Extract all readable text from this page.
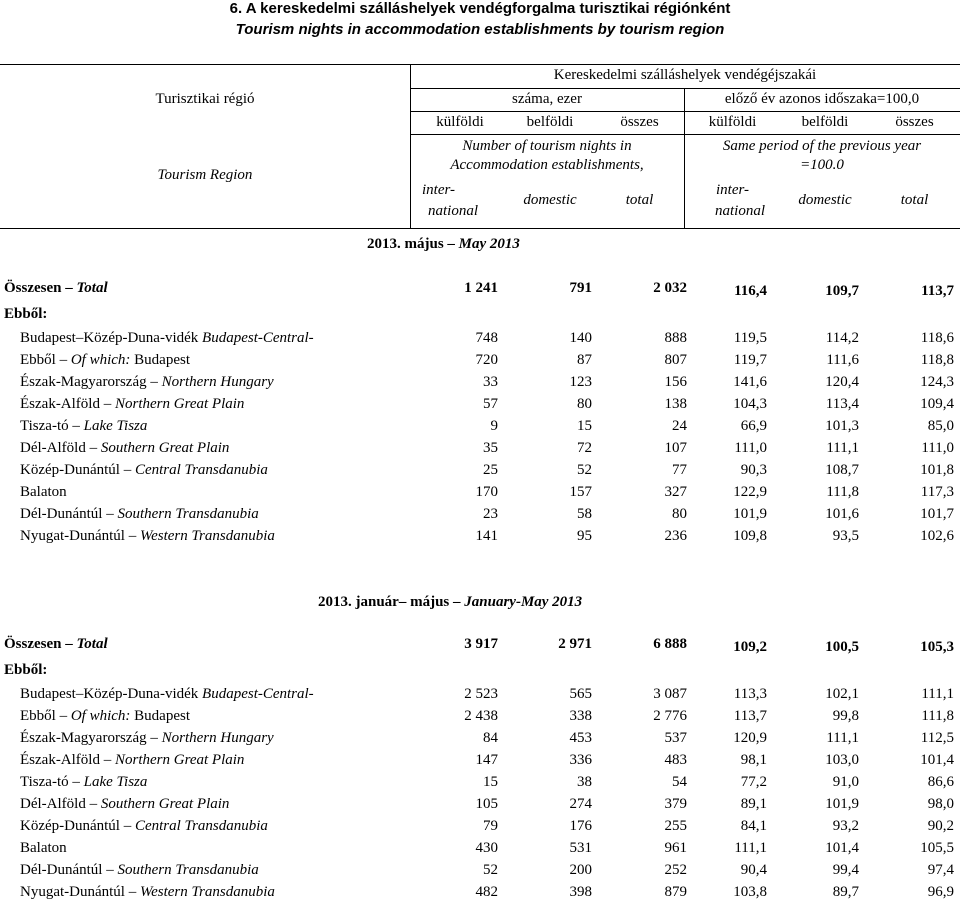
6. A kereskedelmi szálláshelyek vendégforgalma turisztikai régiónként
Tourism nights in accommodation establishments by tourism region
Turisztikai régió
Tourism Region
Kereskedelmi szálláshelyek vendégéjszakái
száma, ezer	előző év azonos időszaka=100,0
külföldi	belföldi	összes	külföldi	belföldi	összes
Number of tourism nights in
Accommodation establishments,
Same period of the previous year
=100.0
inter-
national
domestic	total
inter-
national
domestic	total
2013. május – May 2013
2013. január– május – January-May 2013
Összesen – Total	1 241	791	2 032	116,4	109,7	113,7
Ebből:
Budapest–Közép-Duna-vidék Budapest-Central-	748	140	888	119,5	114,2	118,6
Ebből – Of which: Budapest	720	87	807	119,7	111,6	118,8
Észak-Magyarország – Northern Hungary	33	123	156	141,6	120,4	124,3
Észak-Alföld – Northern Great Plain	57	80	138	104,3	113,4	109,4
Tisza-tó – Lake Tisza	9	15	24	66,9	101,3	85,0
Dél-Alföld – Southern Great Plain	35	72	107	111,0	111,1	111,0
Közép-Dunántúl – Central Transdanubia	25	52	77	90,3	108,7	101,8
Balaton	170	157	327	122,9	111,8	117,3
Dél-Dunántúl – Southern Transdanubia	23	58	80	101,9	101,6	101,7
Nyugat-Dunántúl – Western Transdanubia	141	95	236	109,8	93,5	102,6
Összesen – Total	3 917	2 971	6 888	109,2	100,5	105,3
Ebből:
Budapest–Közép-Duna-vidék Budapest-Central-	2 523	565	3 087	113,3	102,1	111,1
Ebből – Of which: Budapest	2 438	338	2 776	113,7	99,8	111,8
Észak-Magyarország – Northern Hungary	84	453	537	120,9	111,1	112,5
Észak-Alföld – Northern Great Plain	147	336	483	98,1	103,0	101,4
Tisza-tó – Lake Tisza	15	38	54	77,2	91,0	86,6
Dél-Alföld – Southern Great Plain	105	274	379	89,1	101,9	98,0
Közép-Dunántúl – Central Transdanubia	79	176	255	84,1	93,2	90,2
Balaton	430	531	961	111,1	101,4	105,5
Dél-Dunántúl – Southern Transdanubia	52	200	252	90,4	99,4	97,4
Nyugat-Dunántúl – Western Transdanubia	482	398	879	103,8	89,7	96,9
